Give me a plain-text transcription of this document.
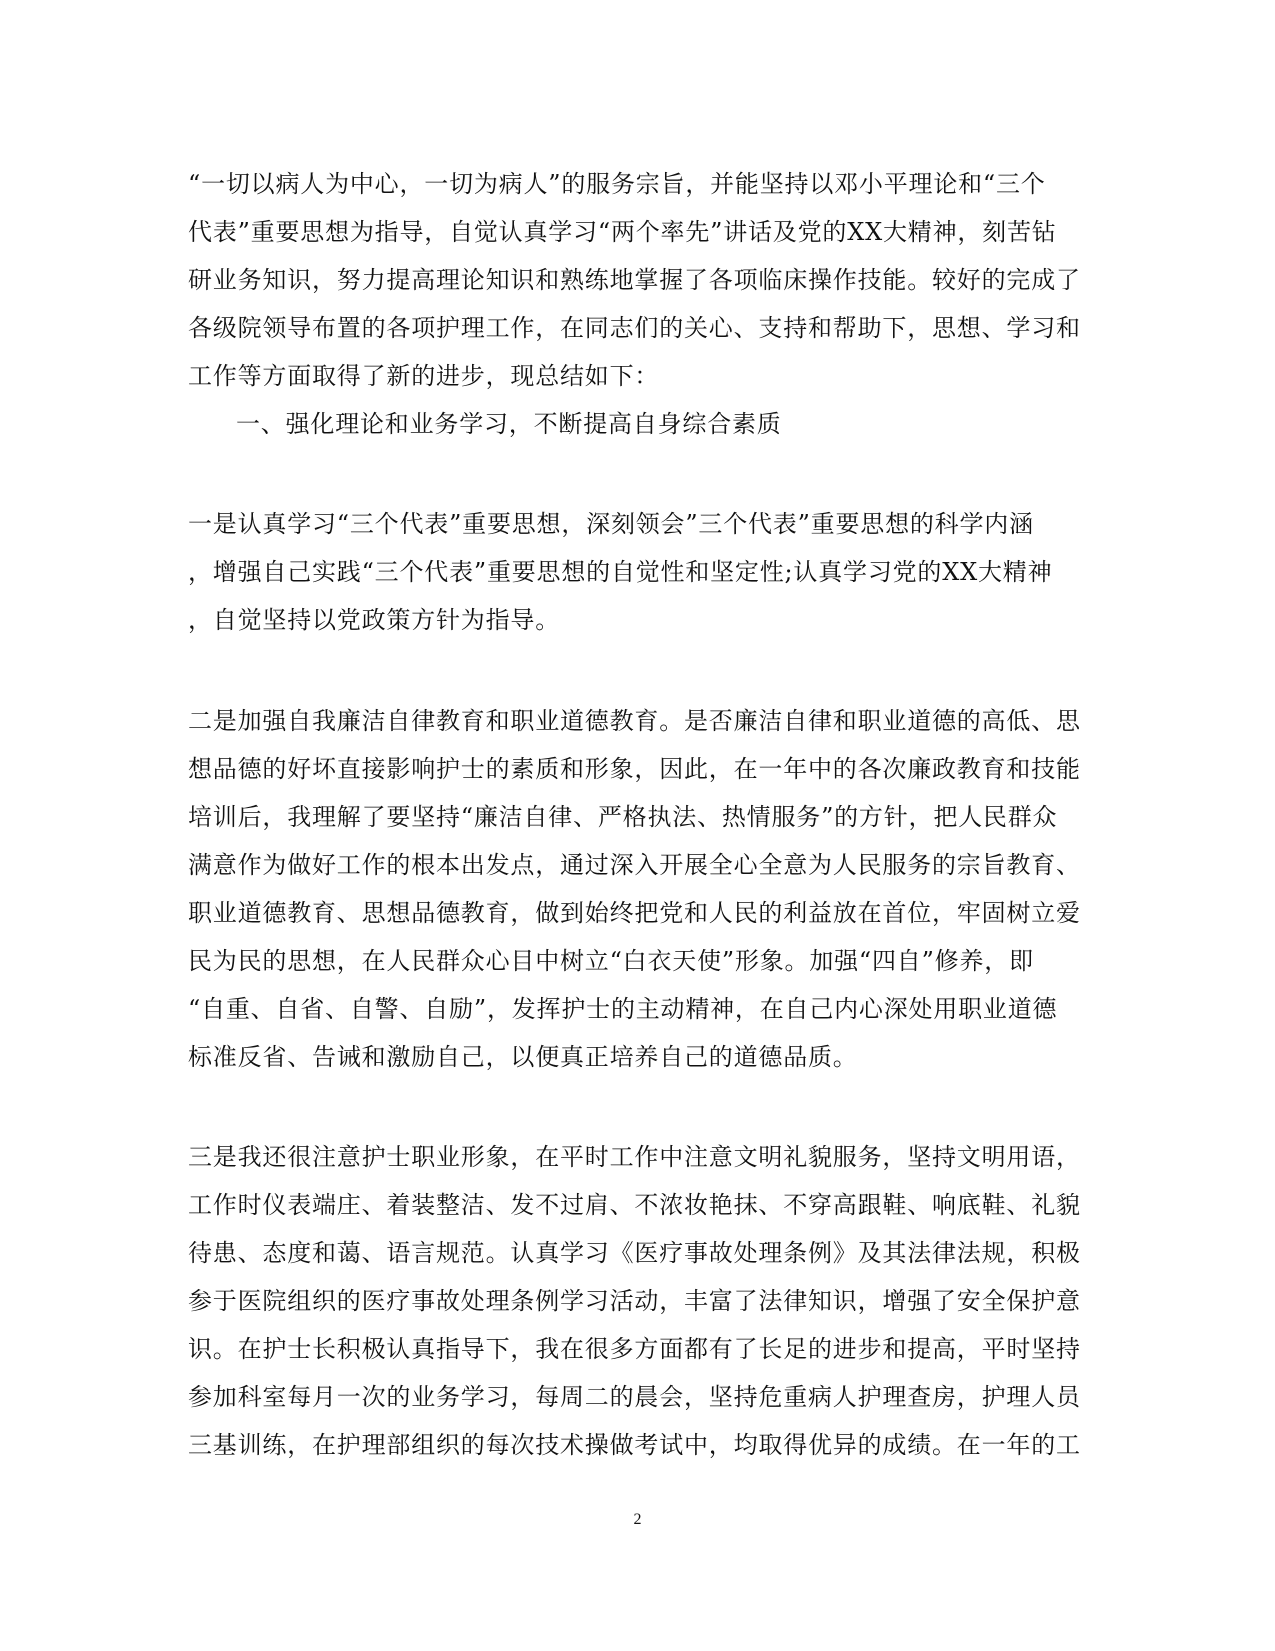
“一切以病人为中心，一切为病人”的服务宗旨，并能坚持以邓小平理论和“三个
代表”重要思想为指导，自觉认真学习“两个率先”讲话及党的XX大精神，刻苦钻
研业务知识，努力提高理论知识和熟练地掌握了各项临床操作技能。较好的完成了
各级院领导布置的各项护理工作，在同志们的关心、支持和帮助下，思想、学习和
工作等方面取得了新的进步，现总结如下：

一、强化理论和业务学习，不断提高自身综合素质

一是认真学习“三个代表”重要思想，深刻领会”三个代表”重要思想的科学内涵
，增强自己实践“三个代表”重要思想的自觉性和坚定性;认真学习党的XX大精神
，自觉坚持以党政策方针为指导。

二是加强自我廉洁自律教育和职业道德教育。是否廉洁自律和职业道德的高低、思
想品德的好坏直接影响护士的素质和形象，因此，在一年中的各次廉政教育和技能
培训后，我理解了要坚持“廉洁自律、严格执法、热情服务”的方针，把人民群众
满意作为做好工作的根本出发点，通过深入开展全心全意为人民服务的宗旨教育、
职业道德教育、思想品德教育，做到始终把党和人民的利益放在首位，牢固树立爱
民为民的思想，在人民群众心目中树立“白衣天使”形象。加强“四自”修养，即
“自重、自省、自警、自励”，发挥护士的主动精神，在自己内心深处用职业道德
标准反省、告诫和激励自己，以便真正培养自己的道德品质。

三是我还很注意护士职业形象，在平时工作中注意文明礼貌服务，坚持文明用语，
工作时仪表端庄、着装整洁、发不过肩、不浓妆艳抹、不穿高跟鞋、响底鞋、礼貌
待患、态度和蔼、语言规范。认真学习《医疗事故处理条例》及其法律法规，积极
参于医院组织的医疗事故处理条例学习活动，丰富了法律知识，增强了安全保护意
识。在护士长积极认真指导下，我在很多方面都有了长足的进步和提高，平时坚持
参加科室每月一次的业务学习，每周二的晨会，坚持危重病人护理查房，护理人员
三基训练，在护理部组织的每次技术操做考试中，均取得优异的成绩。在一年的工

2
